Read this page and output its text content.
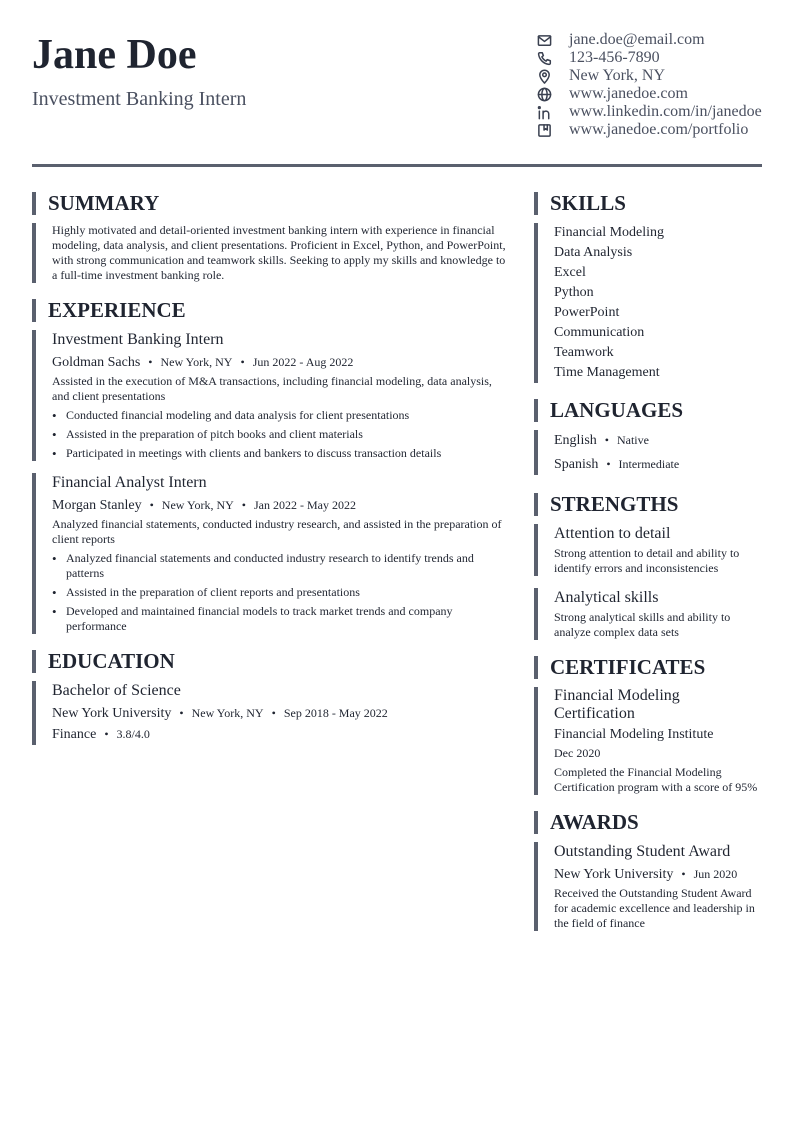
Jane Doe
Investment Banking Intern
jane.doe@email.com
123-456-7890
New York, NY
www.janedoe.com
www.linkedin.com/in/janedoe
www.janedoe.com/portfolio
SUMMARY
Highly motivated and detail-oriented investment banking intern with experience in financial modeling, data analysis, and client presentations. Proficient in Excel, Python, and PowerPoint, with strong communication and teamwork skills. Seeking to apply my skills and knowledge to a full-time investment banking role.
EXPERIENCE
Investment Banking Intern
Goldman Sachs • New York, NY • Jun 2022 - Aug 2022
Assisted in the execution of M&A transactions, including financial modeling, data analysis, and client presentations
• Conducted financial modeling and data analysis for client presentations
• Assisted in the preparation of pitch books and client materials
• Participated in meetings with clients and bankers to discuss transaction details
Financial Analyst Intern
Morgan Stanley • New York, NY • Jan 2022 - May 2022
Analyzed financial statements, conducted industry research, and assisted in the preparation of client reports
• Analyzed financial statements and conducted industry research to identify trends and patterns
• Assisted in the preparation of client reports and presentations
• Developed and maintained financial models to track market trends and company performance
EDUCATION
Bachelor of Science
New York University • New York, NY • Sep 2018 - May 2022
Finance • 3.8/4.0
SKILLS
Financial Modeling
Data Analysis
Excel
Python
PowerPoint
Communication
Teamwork
Time Management
LANGUAGES
English • Native
Spanish • Intermediate
STRENGTHS
Attention to detail
Strong attention to detail and ability to identify errors and inconsistencies
Analytical skills
Strong analytical skills and ability to analyze complex data sets
CERTIFICATES
Financial Modeling Certification
Financial Modeling Institute
Dec 2020
Completed the Financial Modeling Certification program with a score of 95%
AWARDS
Outstanding Student Award
New York University • Jun 2020
Received the Outstanding Student Award for academic excellence and leadership in the field of finance
